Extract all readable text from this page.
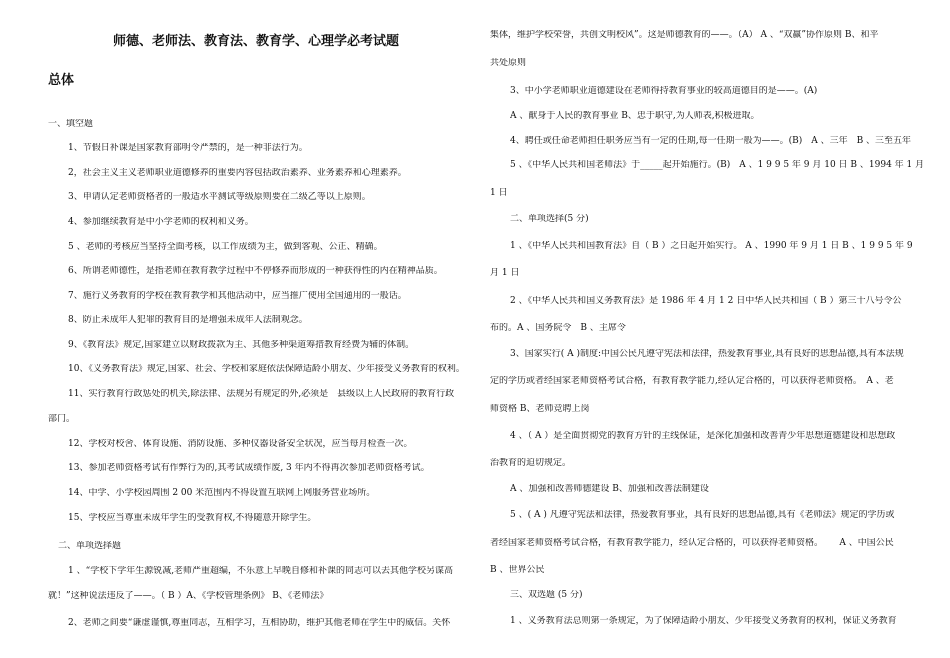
师德、老师法、教育法、教育学、心理学必考试题
总体

一、填空题

1、节假日补课是国家教育部明令严禁的，是一种非法行为。

2，社会主义主义老师职业道德修养的重要内容包括政治素养、业务素养和心理素养。

3、申请认定老师资格者的一般适水平测试等级原则要在二级乙等以上原则。

4、参加继续教育是中小学老师的权利和义务。

5 、老师的考核应当坚持全面考核，以工作成绩为主，做到客观、公正、精确。

6、所谓老师德性，是指老师在教育教学过程中不停修养而形成的一种获得性的内在精神品质。

7、施行义务教育的学校在教育教学和其他活动中，应当推广使用全国通用的一般话。

8、防止未成年人犯罪的教育目的是增强未成年人法制观念。

9、《教育法》规定,国家建立以财政拨款为主、其他多种渠道筹措教育经费为辅的体制。

10、《义务教育法》规定,国家、社会、学校和家庭依法保障适龄小朋友、少年接受义务教育的权利。

11、实行教育行政惩处的机关,除法律、法规另有规定的外,必须是　县级以上人民政府的教育行政

部门。

12、学校对校舍、体育设施、消防设施、多种仪器设备安全状况，应当每月检查一次。

13、参加老师资格考试有作弊行为的,其考试成绩作废, 3 年内不得再次参加老师资格考试。

14、中学、小学校园周围 2 00 米范围内不得设置互联网上网服务营业场所。

15、学校应当尊重未成年学生的受教育权,不得随意开除学生。

二、单项选择题

1 、“学校下学年生源锐减,老师严重超编，不乐意上早晚自修和补课的同志可以去其他学校另谋高

就！”这种说法违反了——。（ B ）A、《学校管理条例》 B、《老师法》

2、老师之间要“谦虚谨慎,尊重同志，互相学习，互相协助，维护其他老师在学生中的威信。关怀

集体，维护学校荣誉，共创文明校风”。这是师德教育的——。（A） A 、“双赢”协作原则 B、和平

共处原则

3、中小学老师职业道德建设在老师得持教育事业的较高道德目的是——。(A)

A 、献身于人民的教育事业 B、忠于职守,为人师表,积极进取。

4、聘任或任命老师担任职务应当有一定的任期,每一任期一般为——。(B)　A 、三年　B 、三至五年

5 、《中华人民共和国老师法》于_____起开始施行。(B)　A 、1 9 9 5 年 9 月 10 日 B 、1994 年 1 月

1 日

二、单项选择(5 分)

1 、《中华人民共和国教育法》自（ B ）之日起开始实行。 A 、1990 年 9 月 1 日 B 、1 9 9 5 年 9

月 1 日

2 、《中华人民共和国义务教育法》是 1986 年 4 月 1 2 日中华人民共和国（ B ）第三十八号令公

布的。A 、国务院令　B 、主席令

3、国家实行( A )制度:中国公民凡遵守宪法和法律，热爱教育事业,具有良好的思想品德,具有本法规

定的学历或者经国家老师资格考试合格，有教育教学能力,经认定合格的，可以获得老师资格。　A 、老

师资格 B、老师竞聘上岗

4 、（ A ）是全面贯彻党的教育方针的主线保证，是深化加强和改善青少年思想道德建设和思想政

治教育的迫切规定。

A 、加强和改善师德建设 B、加强和改善法制建设

5 、( A ) 凡遵守宪法和法律，热爱教育事业，具有良好的思想品德,具有《老师法》规定的学历或

者经国家老师资格考试合格，有教育教学能力，经认定合格的，可以获得老师资格。　　 A 、中国公民

B 、世界公民

三、双选题 (5 分)

1 、义务教育法总则第一条规定，为了保障适龄小朋友、少年接受义务教育的权利，保证义务教育
